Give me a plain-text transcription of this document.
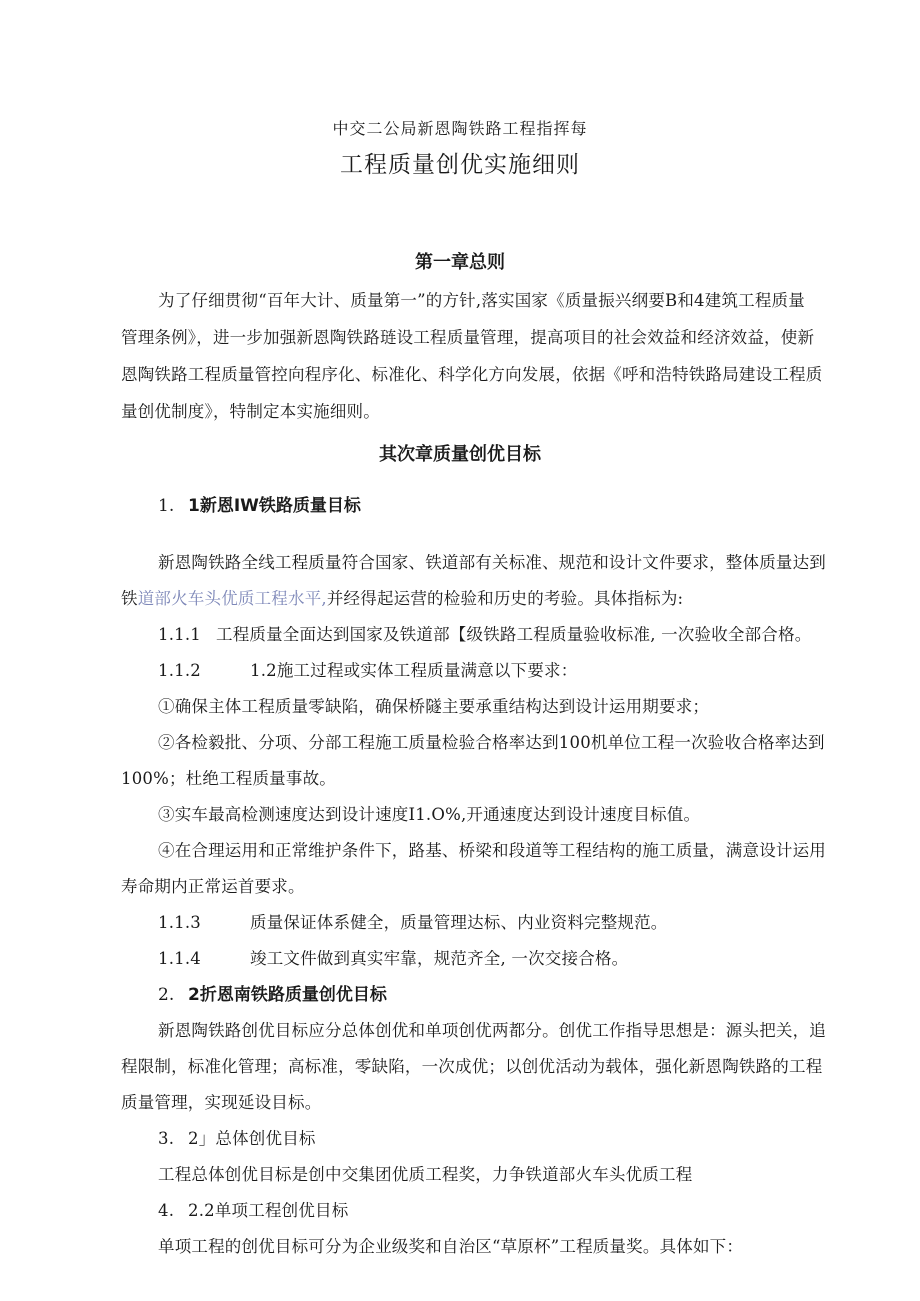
中交二公局新恩陶铁路工程指挥每
工程质量创优实施细则
第一章总则
为了仔细贯彻“百年大计、质量第一”的方针,落实国家《质量振兴纲要B和4建筑工程质量
管理条例》，进一步加强新恩陶铁路琏设工程质量管理，提高项目的社会效益和经济效益，使新
恩陶铁路工程质量管控向程序化、标准化、科学化方向发展，依据《呼和浩特铁路局建设工程质
量创优制度》，特制定本实施细则。
其次章质量创优目标
1. 1新恩IW铁路质量目标
新恩陶铁路全线工程质量符合国家、铁道部有关标准、规范和设计文件要求，整体质量达到
铁道部火车头优质工程水平,并经得起运营的检验和历史的考验。具体指标为:
1.1.1 工程质量全面达到国家及铁道部【级铁路工程质量验收标准, 一次验收全部合格。
1.1.2	1.2施工过程或实体工程质量满意以下要求：
①确保主体工程质量零缺陷，确保桥隧主要承重结构达到设计运用期要求；
②各检毅批、分项、分部工程施工质量检验合格率达到100机单位工程一次验收合格率达到
100%；杜绝工程质量事故。
③实车最高检测速度达到设计速度I1.O%,开通速度达到设计速度目标值。
④在合理运用和正常维护条件下，路基、桥梁和段道等工程结构的施工质量，满意设计运用
寿命期内正常运首要求。
1.1.3	质量保证体系健全，质量管理达标、内业资料完整规范。
1.1.4	竣工文件做到真实牢靠，规范齐全, 一次交接合格。
2. 2折恩南铁路质量创优目标
新恩陶铁路创优目标应分总体创优和单项创优两都分。创优工作指导思想是：源头把关，追
程限制，标准化管理；高标准，零缺陷，一次成优；以创优活动为载体，强化新恩陶铁路的工程
质量管理，实现延设目标。
3. 2」总体创优目标
工程总体创优目标是创中交集团优质工程奖，力争铁道部火车头优质工程
4. 2.2单项工程创优目标
单项工程的创优目标可分为企业级奖和自治区“草原杯”工程质量奖。具体如下：
